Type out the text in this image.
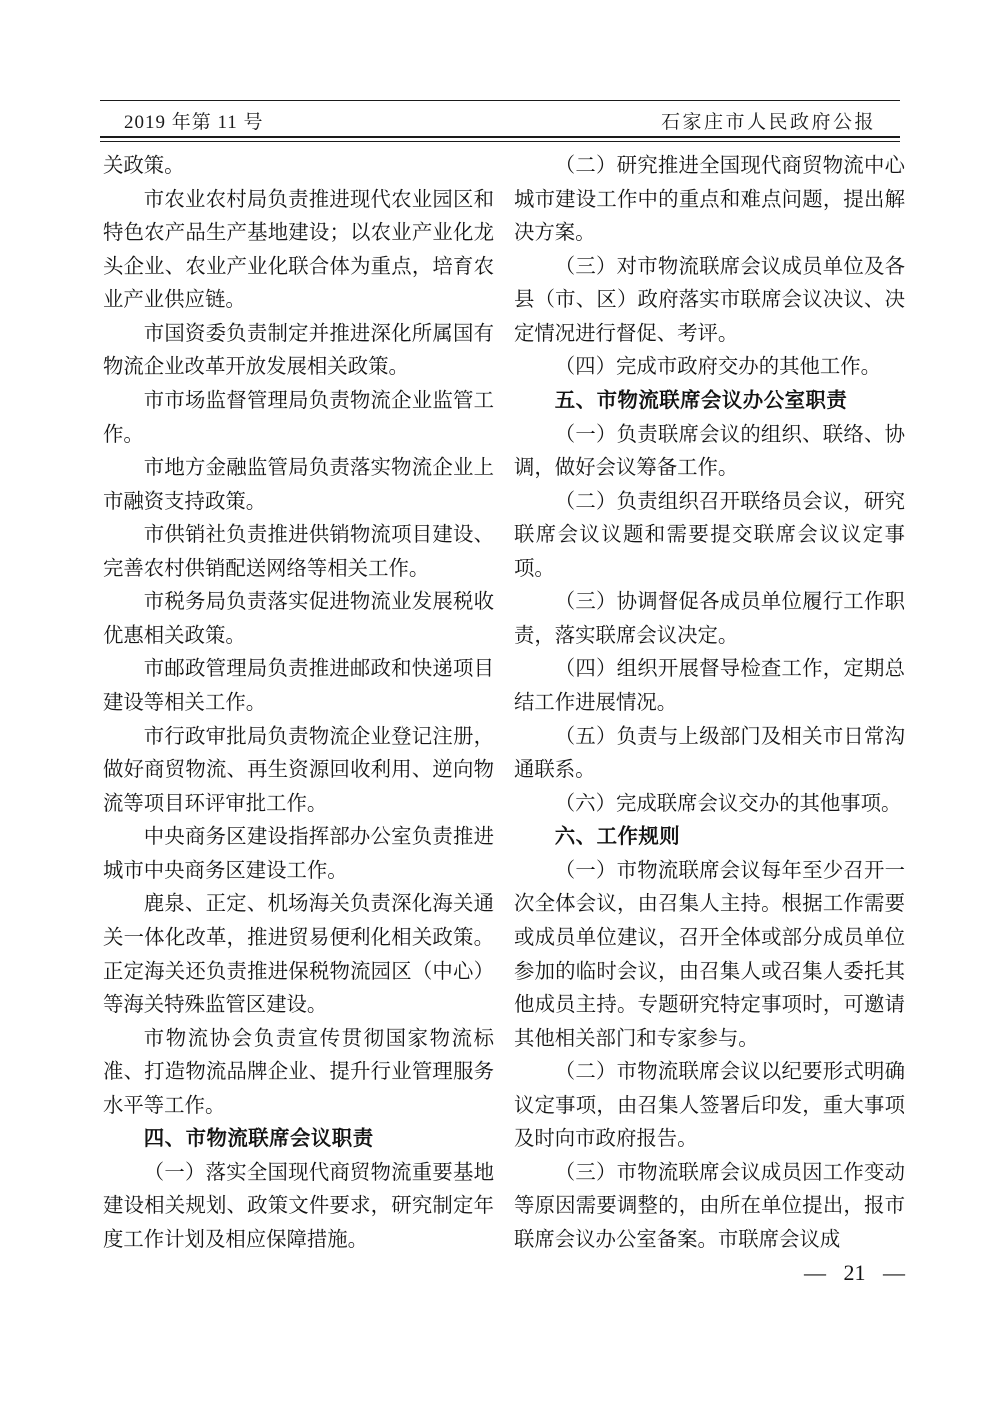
2019 年第 11 号	石家庄市人民政府公报

关政策。

市农业农村局负责推进现代农业园区和特色农产品生产基地建设；以农业产业化龙头企业、农业产业化联合体为重点，培育农业产业供应链。

市国资委负责制定并推进深化所属国有物流企业改革开放发展相关政策。

市市场监督管理局负责物流企业监管工作。

市地方金融监管局负责落实物流企业上市融资支持政策。

市供销社负责推进供销物流项目建设、完善农村供销配送网络等相关工作。

市税务局负责落实促进物流业发展税收优惠相关政策。

市邮政管理局负责推进邮政和快递项目建设等相关工作。

市行政审批局负责物流企业登记注册，做好商贸物流、再生资源回收利用、逆向物流等项目环评审批工作。

中央商务区建设指挥部办公室负责推进城市中央商务区建设工作。

鹿泉、正定、机场海关负责深化海关通关一体化改革，推进贸易便利化相关政策。正定海关还负责推进保税物流园区（中心）等海关特殊监管区建设。

市物流协会负责宣传贯彻国家物流标准、打造物流品牌企业、提升行业管理服务水平等工作。

四、市物流联席会议职责

（一）落实全国现代商贸物流重要基地建设相关规划、政策文件要求，研究制定年度工作计划及相应保障措施。

（二）研究推进全国现代商贸物流中心城市建设工作中的重点和难点问题，提出解决方案。

（三）对市物流联席会议成员单位及各县（市、区）政府落实市联席会议决议、决定情况进行督促、考评。

（四）完成市政府交办的其他工作。

五、市物流联席会议办公室职责

（一）负责联席会议的组织、联络、协调，做好会议筹备工作。

（二）负责组织召开联络员会议，研究联席会议议题和需要提交联席会议议定事项。

（三）协调督促各成员单位履行工作职责，落实联席会议决定。

（四）组织开展督导检查工作，定期总结工作进展情况。

（五）负责与上级部门及相关市日常沟通联系。

（六）完成联席会议交办的其他事项。

六、工作规则

（一）市物流联席会议每年至少召开一次全体会议，由召集人主持。根据工作需要或成员单位建议，召开全体或部分成员单位参加的临时会议，由召集人或召集人委托其他成员主持。专题研究特定事项时，可邀请其他相关部门和专家参与。

（二）市物流联席会议以纪要形式明确议定事项，由召集人签署后印发，重大事项及时向市政府报告。

（三）市物流联席会议成员因工作变动等原因需要调整的，由所在单位提出，报市联席会议办公室备案。市联席会议成

— 21 —
